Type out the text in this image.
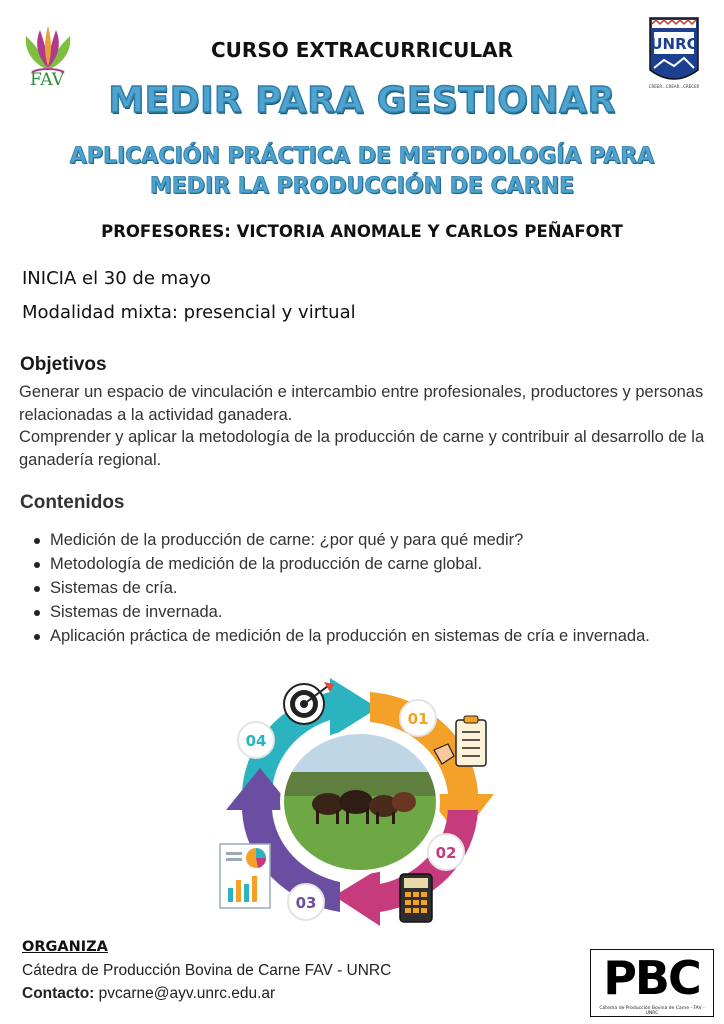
FAV
UNRC
CREER...CREAR...CRECER
CURSO EXTRACURRICULAR
MEDIR PARA GESTIONAR
APLICACIÓN PRÁCTICA DE METODOLOGÍA PARA
MEDIR LA PRODUCCIÓN DE CARNE
PROFESORES: VICTORIA ANOMALE Y CARLOS PEÑAFORT
INICIA el 30 de mayo
Modalidad mixta: presencial y virtual
Objetivos
Generar un espacio de vinculación e intercambio entre profesionales, productores y personas relacionadas a la actividad ganadera.
Comprender y aplicar la metodología de la producción de carne y contribuir al desarrollo de la ganadería regional.
Contenidos
Medición de la producción de carne: ¿por qué y para qué medir?
Metodología de medición de la producción de carne global.
Sistemas de cría.
Sistemas de invernada.
Aplicación práctica de medición de la producción en sistemas de cría e invernada.
01
02
03
04
ORGANIZA
Cátedra de Producción Bovina de Carne FAV - UNRC
Contacto: pvcarne@ayv.unrc.edu.ar	PBC
Cátedra de Producción Bovina de Carne - FAV - UNRC
